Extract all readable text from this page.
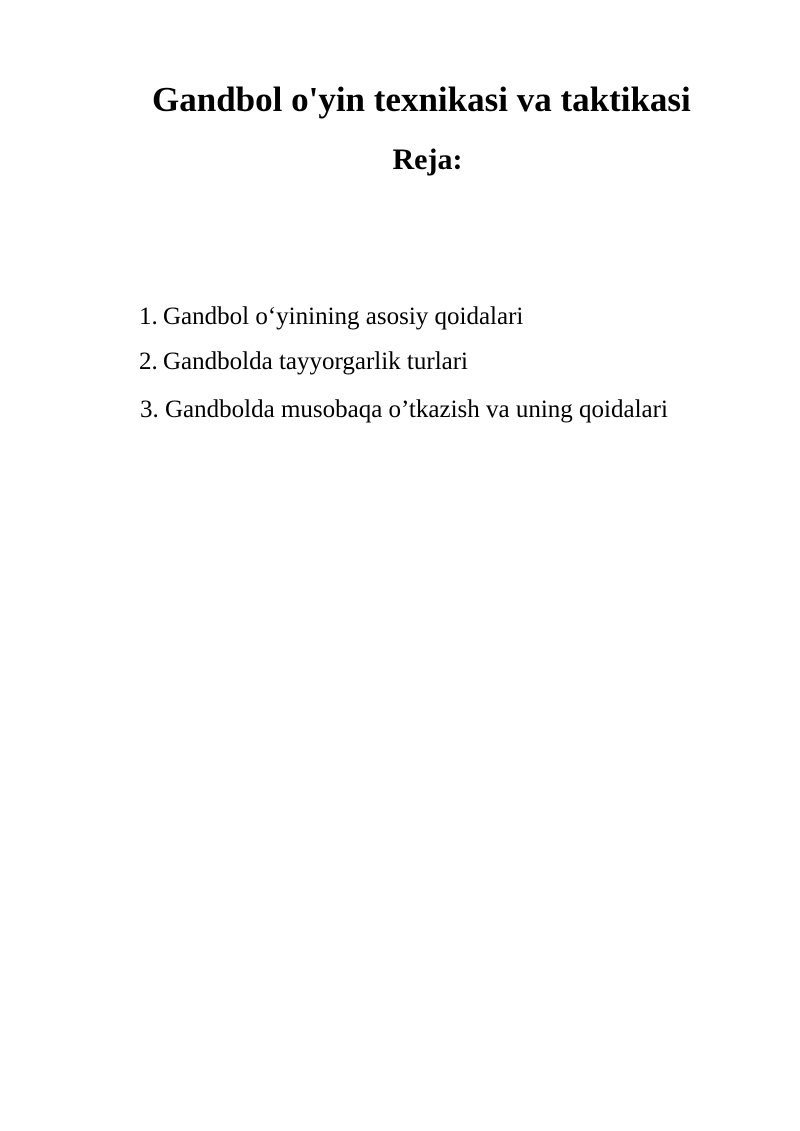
Gandbol o'yin texnikasi va taktikasi
Reja:
1. Gandbol o‘yinining asosiy qoidalari
2. Gandbolda tayyorgarlik turlari
3. Gandbolda musobaqa o’tkazish va uning qoidalari
